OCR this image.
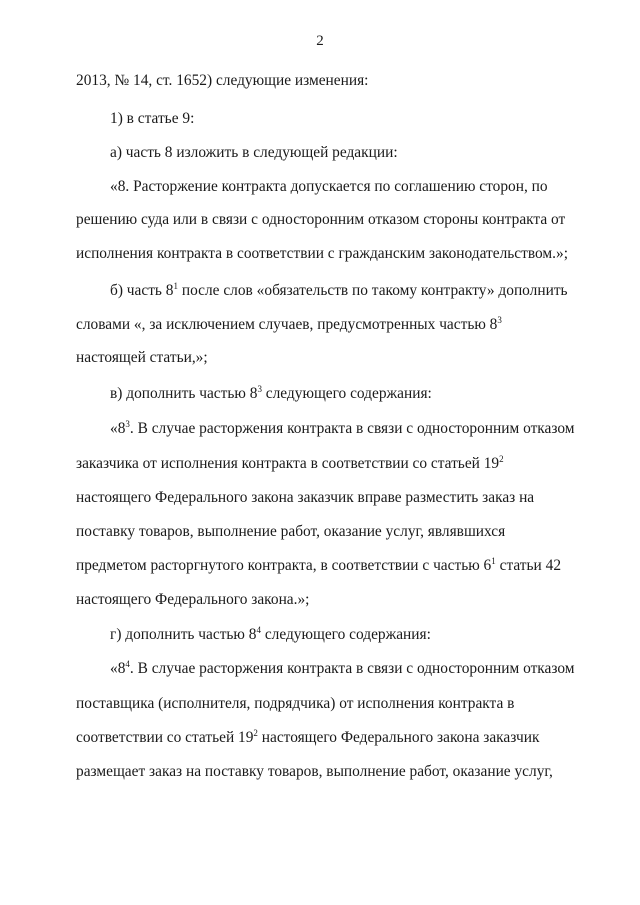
2
2013, № 14, ст. 1652) следующие изменения:
1) в статье 9:
а) часть 8 изложить в следующей редакции:
«8. Расторжение контракта допускается по соглашению сторон, по
решению суда или в связи с односторонним отказом стороны контракта от
исполнения контракта в соответствии с гражданским законодательством.»;
б) часть $8^1$ после слов «обязательств по такому контракту» дополнить
словами «, за исключением случаев, предусмотренных частью $8^3$
настоящей статьи,»;
в) дополнить частью $8^3$ следующего содержания:
«$8^3$. В случае расторжения контракта в связи с односторонним отказом
заказчика от исполнения контракта в соответствии со статьей $19^2$
настоящего Федерального закона заказчик вправе разместить заказ на
поставку товаров, выполнение работ, оказание услуг, являвшихся
предметом расторгнутого контракта, в соответствии с частью $6^1$ статьи 42
настоящего Федерального закона.»;
г) дополнить частью $8^4$ следующего содержания:
«$8^4$. В случае расторжения контракта в связи с односторонним отказом
поставщика (исполнителя, подрядчика) от исполнения контракта в
соответствии со статьей $19^2$ настоящего Федерального закона заказчик
размещает заказ на поставку товаров, выполнение работ, оказание услуг,
